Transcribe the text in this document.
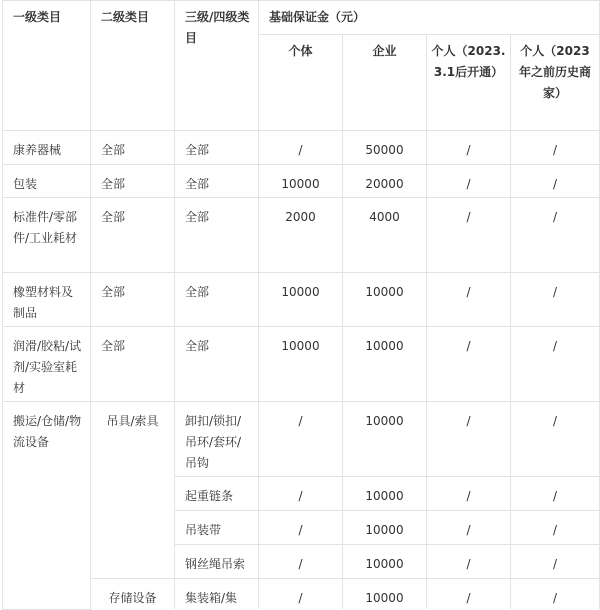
一级类目	二级类目	三级/四级类目	基础保证金（元）			
			个体	企业	个人（2023.3.1后开通）	个人（2023年之前历史商家）
康养器械	全部	全部	/	50000	/	/
包装	全部	全部	10000	20000	/	/
标准件/零部件/工业耗材	全部	全部	2000	4000	/	/
橡塑材料及制品	全部	全部	10000	10000	/	/
润滑/胶粘/试剂/实验室耗材	全部	全部	10000	10000	/	/
搬运/仓储/物流设备	吊具/索具	卸扣/锁扣/吊环/套环/吊钩	/	10000	/	/
		起重链条	/	10000	/	/
		吊装带	/	10000	/	/
		钢丝绳吊索	/	10000	/	/
	存储设备	集装箱/集	/	10000	/	/
